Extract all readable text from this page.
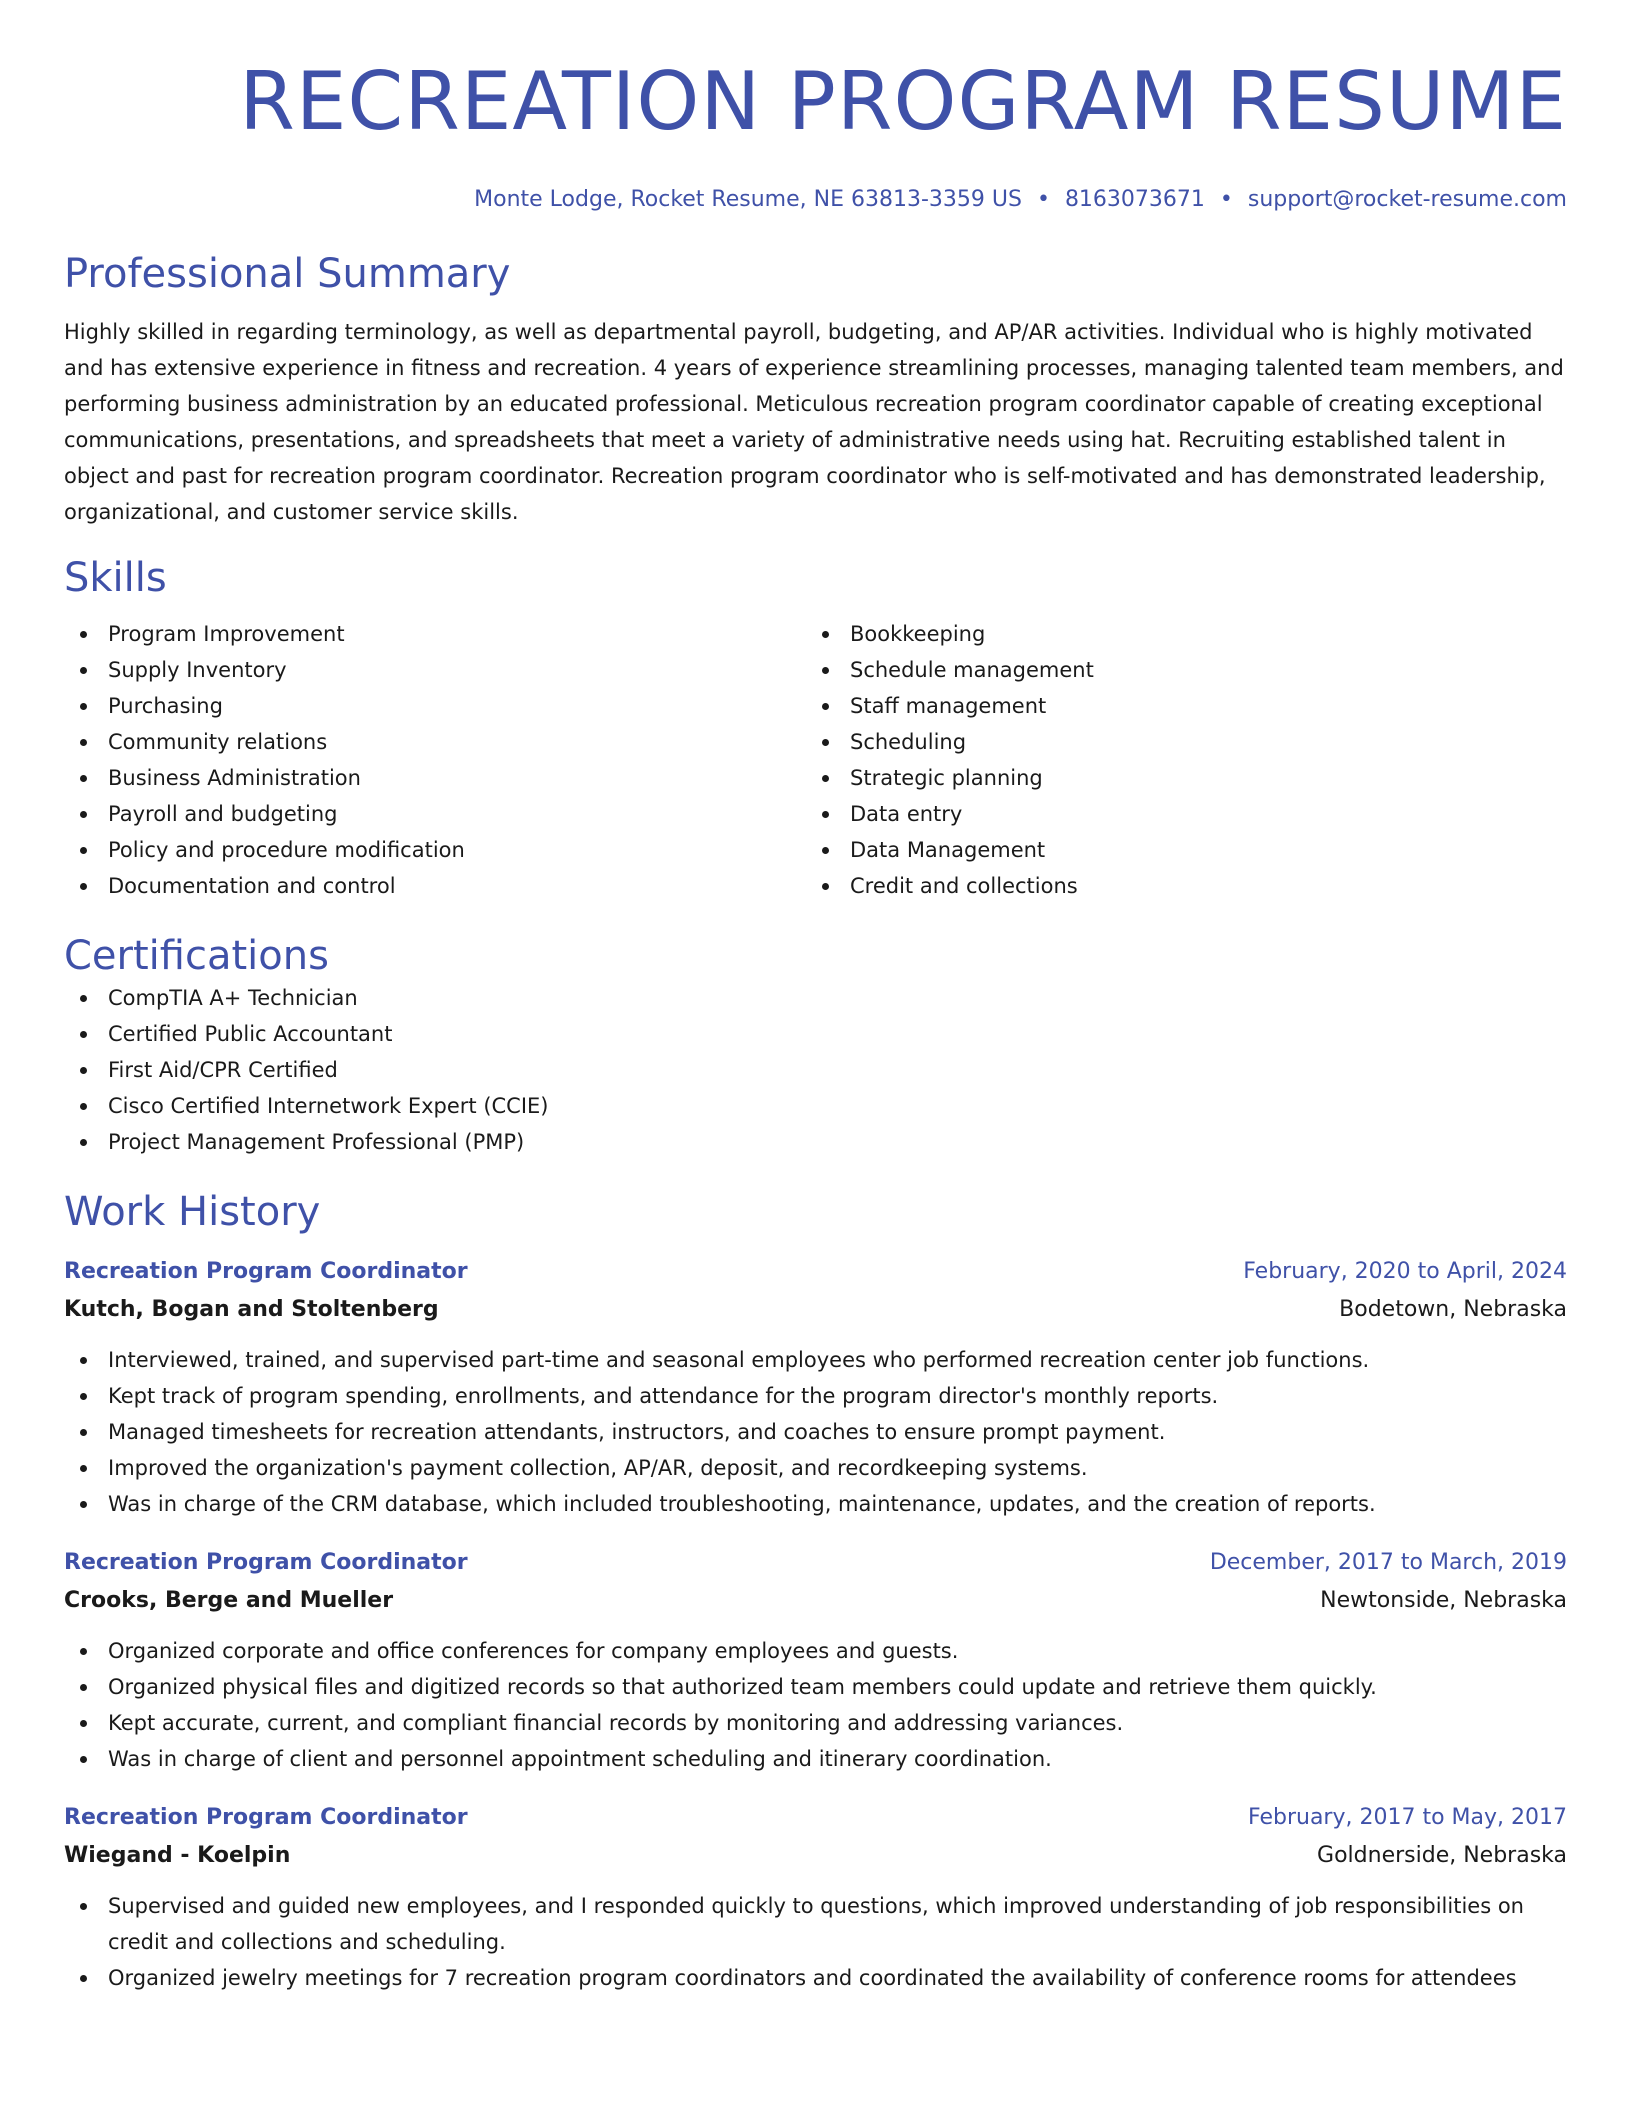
RECREATION PROGRAM RESUME
Monte Lodge, Rocket Resume, NE 63813-3359 US • 8163073671 • support@rocket-resume.com
Professional Summary

Highly skilled in regarding terminology, as well as departmental payroll, budgeting, and AP/AR activities. Individual who is highly motivated and has extensive experience in fitness and recreation. 4 years of experience streamlining processes, managing talented team members, and performing business administration by an educated professional. Meticulous recreation program coordinator capable of creating exceptional communications, presentations, and spreadsheets that meet a variety of administrative needs using hat. Recruiting established talent in object and past for recreation program coordinator. Recreation program coordinator who is self-motivated and has demonstrated leadership, organizational, and customer service skills.

Skills
Program Improvement
Supply Inventory
Purchasing
Community relations
Business Administration
Payroll and budgeting
Policy and procedure modification
Documentation and control
Bookkeeping
Schedule management
Staff management
Scheduling
Strategic planning
Data entry
Data Management
Credit and collections
Certifications
CompTIA A+ Technician
Certified Public Accountant
First Aid/CPR Certified
Cisco Certified Internetwork Expert (CCIE)
Project Management Professional (PMP)
Work History
Recreation Program Coordinator	February, 2020 to April, 2024
Kutch, Bogan and Stoltenberg	Bodetown, Nebraska
Interviewed, trained, and supervised part-time and seasonal employees who performed recreation center job functions.
Kept track of program spending, enrollments, and attendance for the program director's monthly reports.
Managed timesheets for recreation attendants, instructors, and coaches to ensure prompt payment.
Improved the organization's payment collection, AP/AR, deposit, and recordkeeping systems.
Was in charge of the CRM database, which included troubleshooting, maintenance, updates, and the creation of reports.
Recreation Program Coordinator	December, 2017 to March, 2019
Crooks, Berge and Mueller	Newtonside, Nebraska
Organized corporate and office conferences for company employees and guests.
Organized physical files and digitized records so that authorized team members could update and retrieve them quickly.
Kept accurate, current, and compliant financial records by monitoring and addressing variances.
Was in charge of client and personnel appointment scheduling and itinerary coordination.
Recreation Program Coordinator	February, 2017 to May, 2017
Wiegand - Koelpin	Goldnerside, Nebraska
Supervised and guided new employees, and I responded quickly to questions, which improved understanding of job responsibilities on credit and collections and scheduling.
Organized jewelry meetings for 7 recreation program coordinators and coordinated the availability of conference rooms for attendees
